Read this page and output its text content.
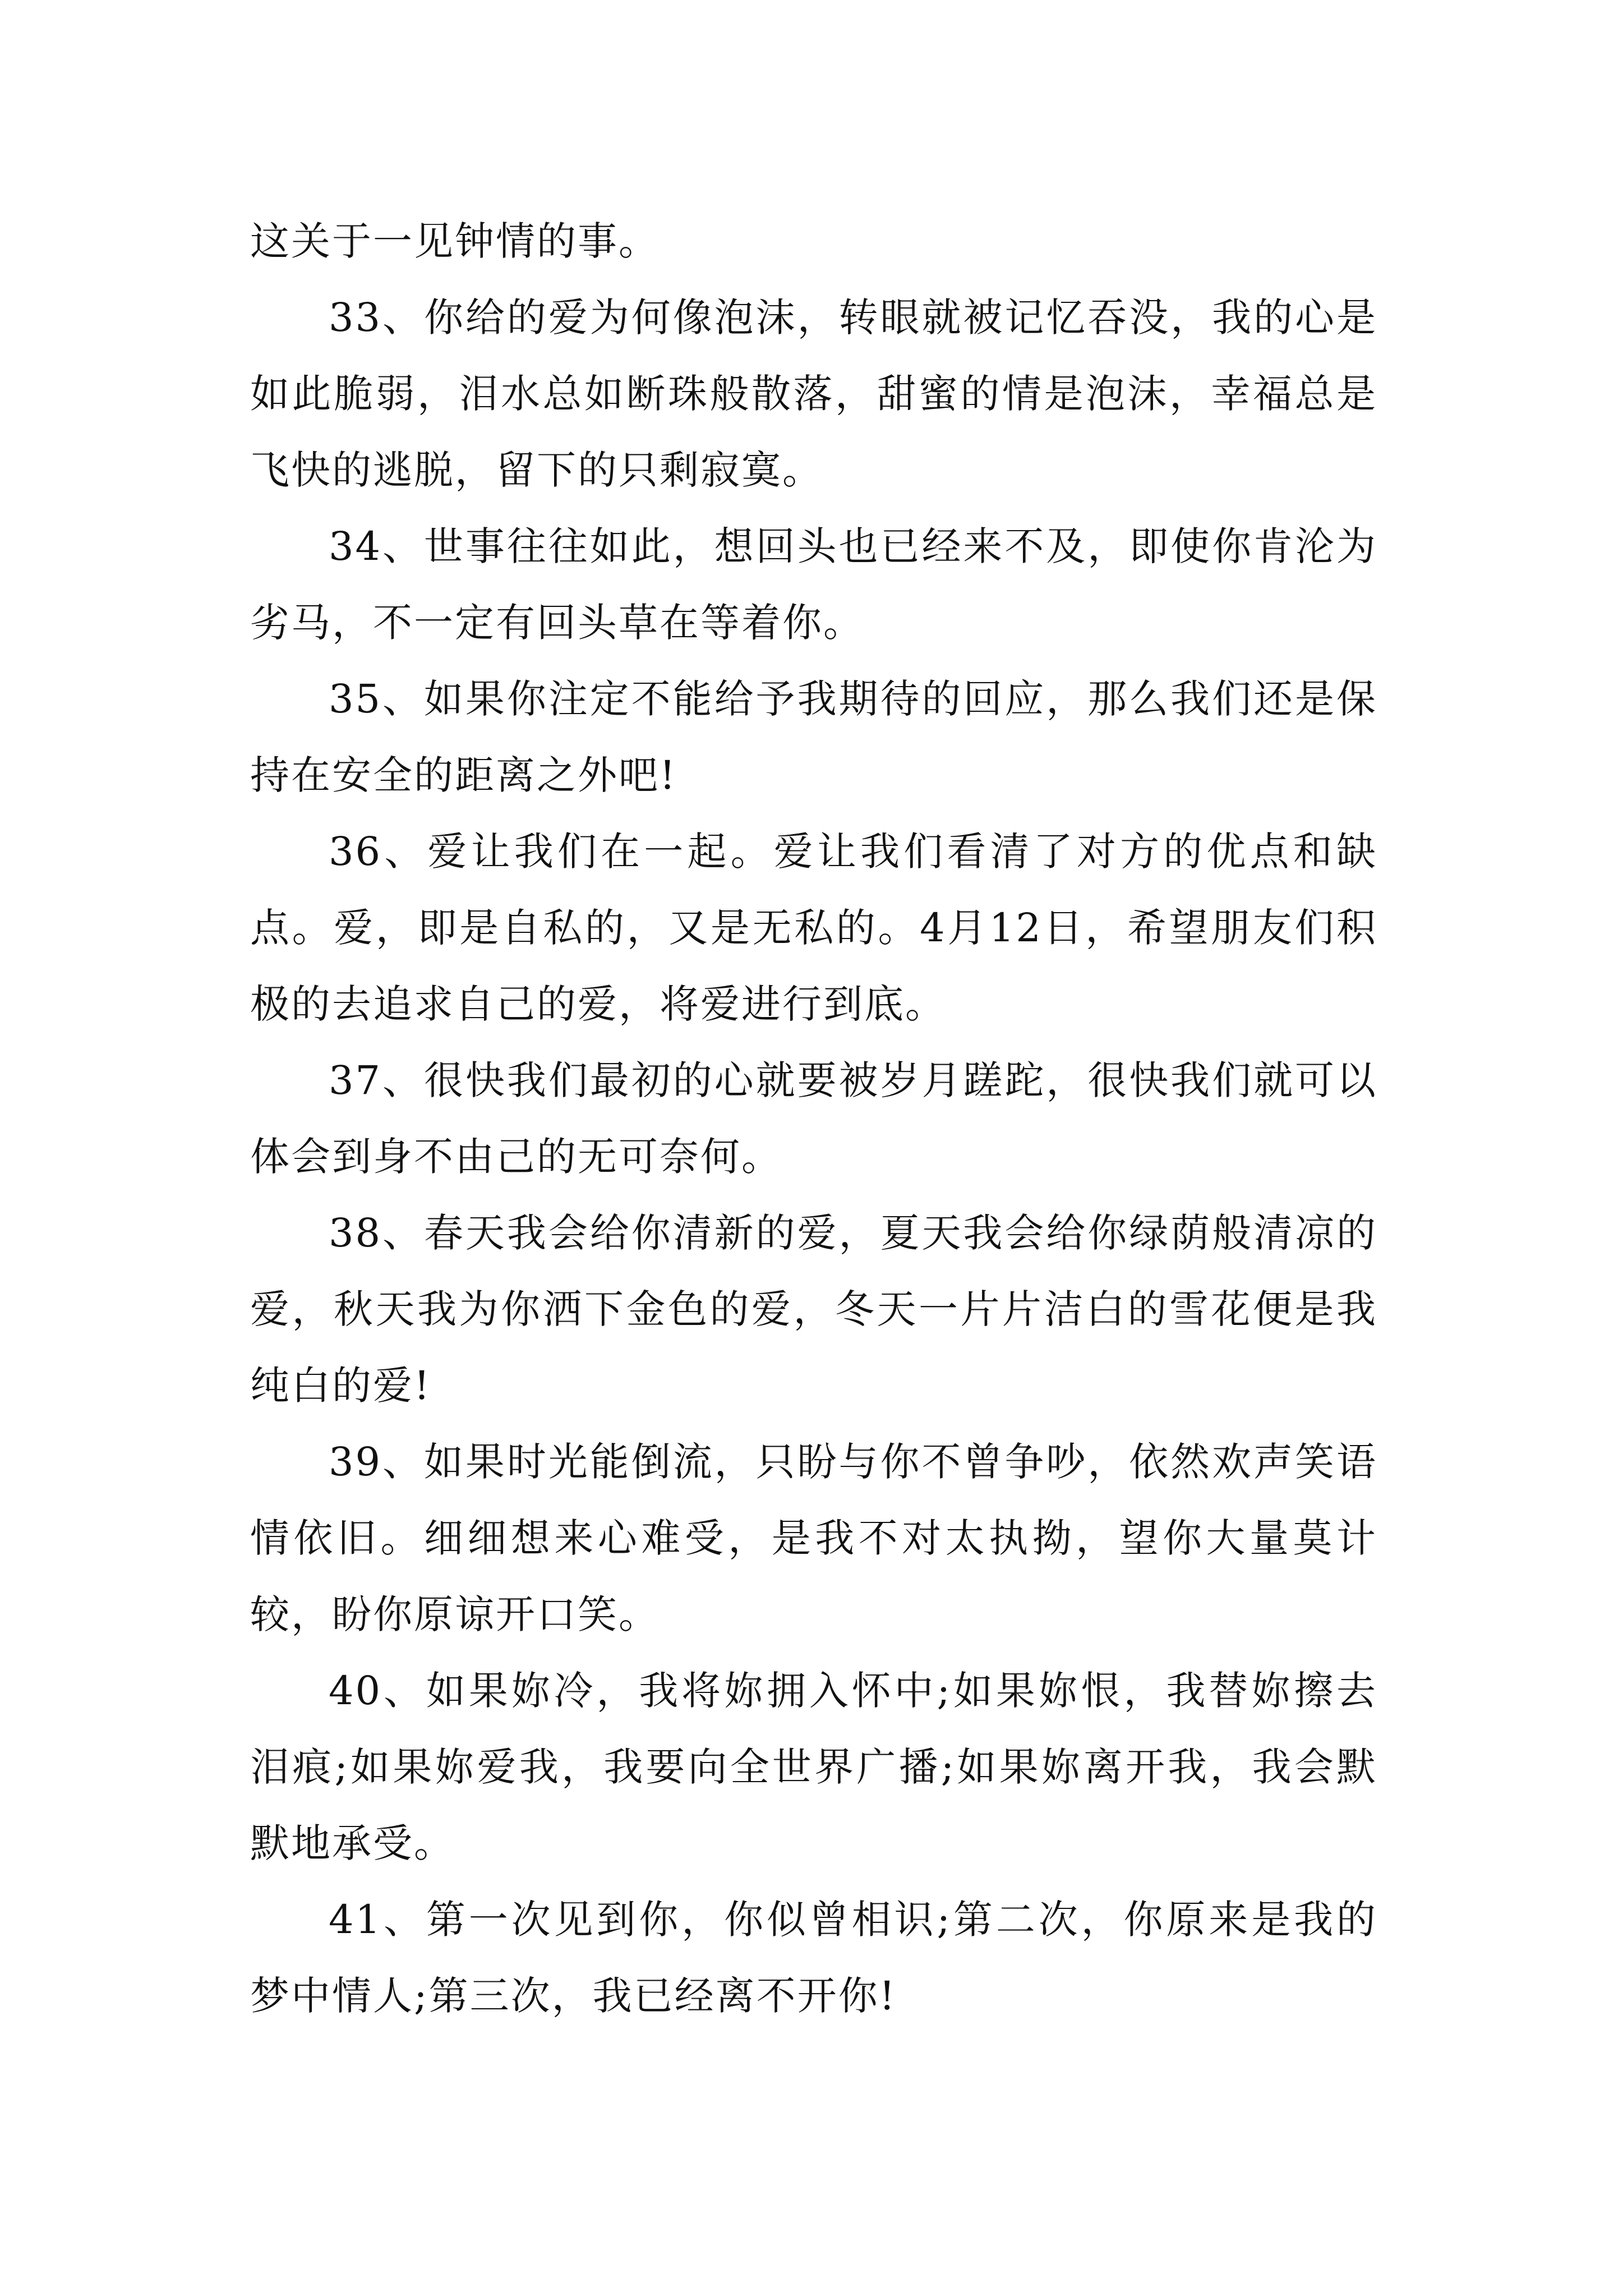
这关于一见钟情的事。

33、你给的爱为何像泡沫，转眼就被记忆吞没，我的心是如此脆弱，泪水总如断珠般散落，甜蜜的情是泡沫，幸福总是飞快的逃脱，留下的只剩寂寞。

34、世事往往如此，想回头也已经来不及，即使你肯沦为劣马，不一定有回头草在等着你。

35、如果你注定不能给予我期待的回应，那么我们还是保持在安全的距离之外吧!

36、爱让我们在一起。爱让我们看清了对方的优点和缺点。爱，即是自私的，又是无私的。4月12日，希望朋友们积极的去追求自己的爱，将爱进行到底。

37、很快我们最初的心就要被岁月蹉跎，很快我们就可以体会到身不由己的无可奈何。

38、春天我会给你清新的爱，夏天我会给你绿荫般清凉的爱，秋天我为你洒下金色的爱，冬天一片片洁白的雪花便是我纯白的爱!

39、如果时光能倒流，只盼与你不曾争吵，依然欢声笑语情依旧。细细想来心难受，是我不对太执拗，望你大量莫计较，盼你原谅开口笑。

40、如果妳冷，我将妳拥入怀中;如果妳恨，我替妳擦去泪痕;如果妳爱我，我要向全世界广播;如果妳离开我，我会默默地承受。

41、第一次见到你，你似曾相识;第二次，你原来是我的梦中情人;第三次，我已经离不开你!
